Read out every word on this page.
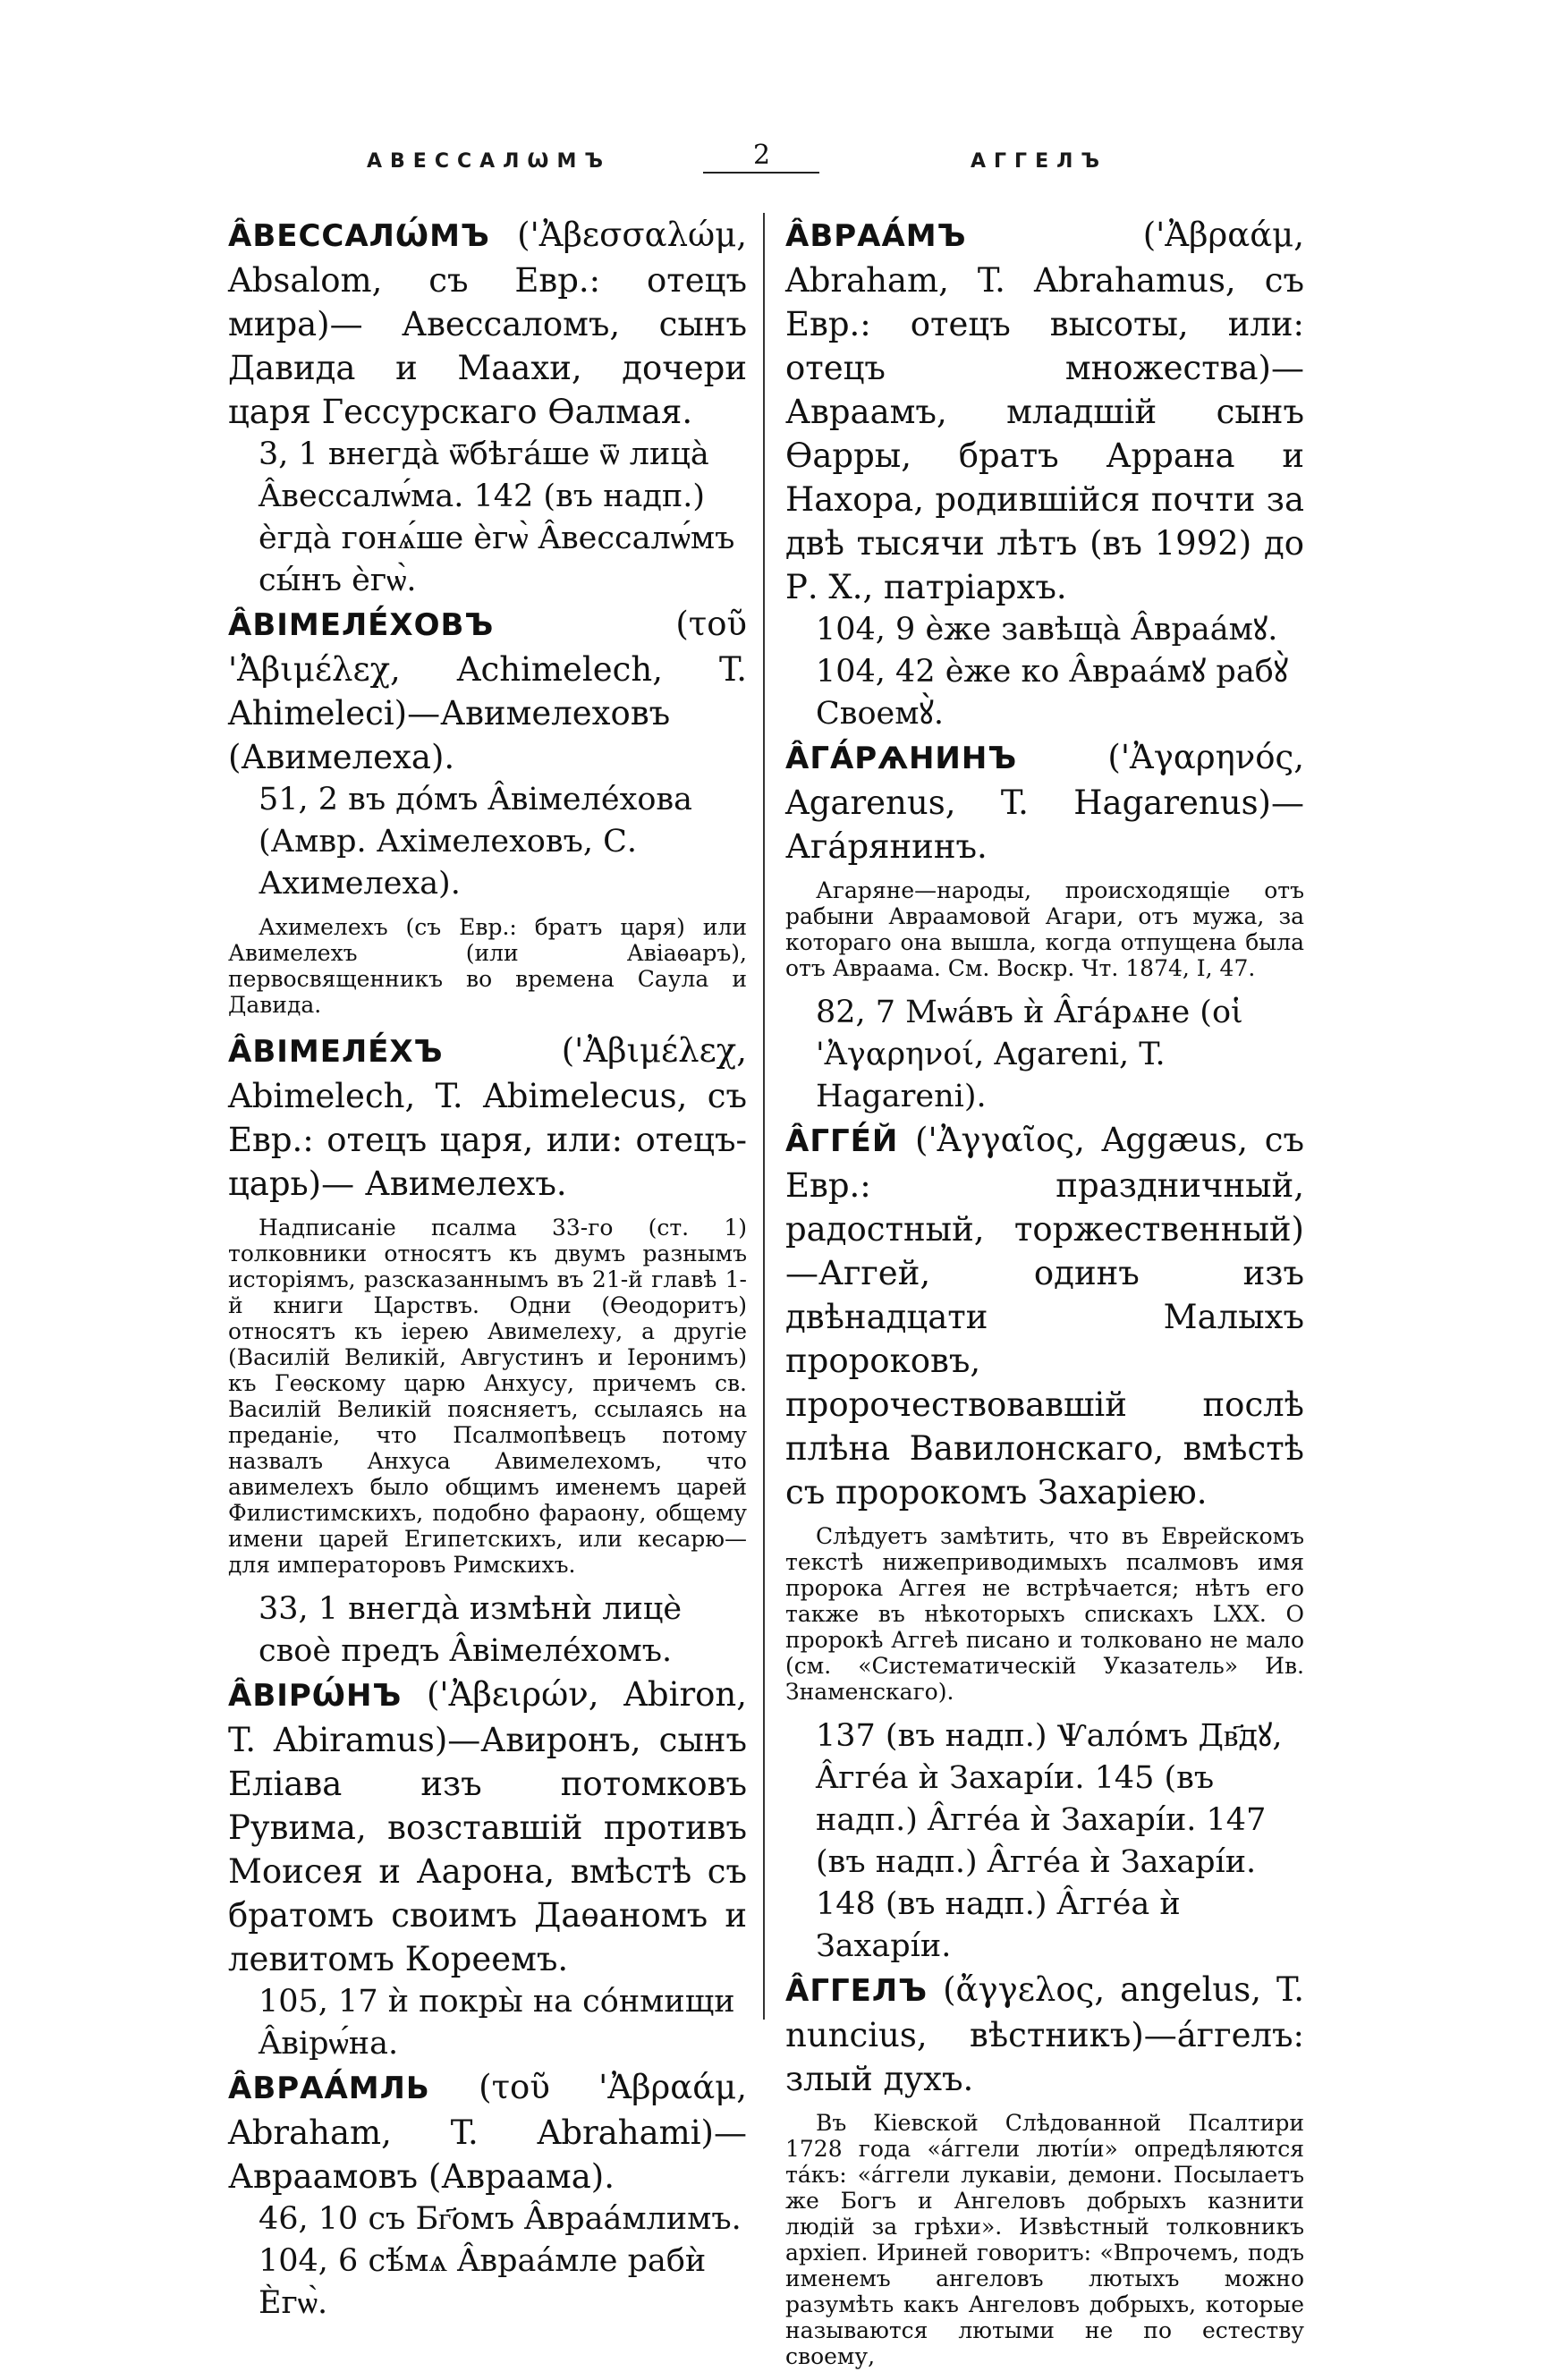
АВЕССАЛѠМЪ	2	АГГЕЛЪ

ÂВЕССАЛѠ́МЪ ('Ἀβεσσαλώμ, Absalom, съ Евр.: отецъ мира)— Авессаломъ, сынъ Давида и Маахи, дочери царя Гессурскаго Ѳалмая.

3, 1 внегдà ѿбѣгáше ѿ лицà Âвессалѡ́ма. 142 (въ надп.) ѐгдà гонѧ́ше ѐгѡ̀ Âвессалѡ́мъ сы́нъ ѐгѡ̀.

ÂВІМЕЛЕ́ХОВЪ (τοῦ 'Ἀβιμέλεχ, Achimelech, T. Ahimeleci)—Авимелеховъ (Авимелеха).

51, 2 въ дóмъ Âвімеле́хова (Амвр. Ахімелеховъ, С. Ахимелеха).

Ахимелехъ (съ Евр.: братъ царя) или Авимелехъ (или Авіаѳаръ), первосвященникъ во времена Саула и Давида.

ÂВІМЕЛЕ́ХЪ ('Ἀβιμέλεχ, Abimelech, T. Abimelecus, съ Евр.: отецъ царя, или: отецъ-царь)— Авимелехъ.

Надписаніе псалма 33-го (ст. 1) толковники относятъ къ двумъ разнымъ исторіямъ, разсказаннымъ въ 21-й главѣ 1-й книги Царствъ. Одни (Ѳеодоритъ) относятъ къ іерею Авимелеху, а другіе (Василій Великій, Августинъ и Іеронимъ) къ Геѳскому царю Анхусу, причемъ св. Василій Великій поясняетъ, ссылаясь на преданіе, что Псалмопѣвецъ потому назвалъ Анхуса Авимелехомъ, что авимелехъ было общимъ именемъ царей Филистимскихъ, подобно фараону, общему имени царей Египетскихъ, или кесарю—для императоровъ Римскихъ.

33, 1 внегдà измѣнѝ лицѐ своѐ предъ Âвімеле́хомъ.

ÂВІРѠ́НЪ ('Ἀβειρών, Abiron, T. Abiramus)—Авиронъ, сынъ Еліава изъ потомковъ Рувима, возставшій противъ Моисея и Аарона, вмѣстѣ съ братомъ своимъ Даѳаномъ и левитомъ Кореемъ.

105, 17 ѝ покры̀ на сóнмищи Âвірѡ́на.

ÂВРАА́МЛЬ (τοῦ 'Ἀβραάμ, Abraham, T. Abrahami)— Авраамовъ (Авраама).

46, 10 съ Бг҃омъ Âвраа́млимъ. 104, 6 сѣ́мѧ Âвраа́мле рабѝ Ѐгѡ̀.

ÂВРАА́МЪ ('Ἀβραάμ, Abraham, T. Abrahamus, съ Евр.: отецъ высоты, или: отецъ множества)— Авраамъ, младшій сынъ Ѳарры, братъ Аррана и Нахора, родившійся почти за двѣ тысячи лѣтъ (въ 1992) до Р. Х., патріархъ.

104, 9 ѐже завѣща̀ Âвраа́мꙋ. 104, 42 ѐже ко Âвраа́мꙋ рабꙋ̀ Своемꙋ̀.

ÂГА́РѦНИНЪ ('Ἀγαρηνός, Agarenus, T. Hagarenus)—Ага́рянинъ.

Агаряне—народы, происходящіе отъ рабыни Авраамовой Агари, отъ мужа, за котораго она вышла, когда отпущена была отъ Авраама. См. Воскр. Чт. 1874, I, 47.

82, 7 Мѡа́въ ѝ Âга́рѧне (οἱ 'Ἀγαρηνοί, Agareni, T. Hagareni).

ÂГГЕ́Й ('Ἀγγαῖος, Aggæus, съ Евр.: праздничный, радостный, торжественный)—Аггей, одинъ изъ двѣнадцати Малыхъ пророковъ, пророчествовавшій послѣ плѣна Вавилонскаго, вмѣстѣ съ пророкомъ Захаріею.

Слѣдуетъ замѣтить, что въ Еврейскомъ текстѣ нижеприводимыхъ псалмовъ имя пророка Аггея не встрѣчается; нѣтъ его также въ нѣкоторыхъ спискахъ LXX. О пророкѣ Аггеѣ писано и толковано не мало (см. «Систематическій Указатель» Ив. Знаменскаго).

137 (въ надп.) Ѱалóмъ Дв҃дꙋ, Âгге́а ѝ Захарі́и. 145 (въ надп.) Âгге́а ѝ Захарі́и. 147 (въ надп.) Âгге́а ѝ Захарі́и. 148 (въ надп.) Âгге́а ѝ Захарі́и.

ÂГГЕЛЪ (ἄγγελος, angelus, T. nuncius, вѣстникъ)—а́ггелъ: злый духъ.

Въ Кіевской Слѣдованной Псалтири 1728 года «а́ггели люті́и» опредѣляются та́къ: «а́ггели лукавіи, демони. Посылаетъ же Богъ и Ангеловъ добрыхъ казнити людій за грѣхи». Извѣстный толковникъ архіеп. Ириней говоритъ: «Впрочемъ, подъ именемъ ангеловъ лютыхъ можно разумѣть какъ Ангеловъ добрыхъ, которые называются лютыми не по естеству своему,
